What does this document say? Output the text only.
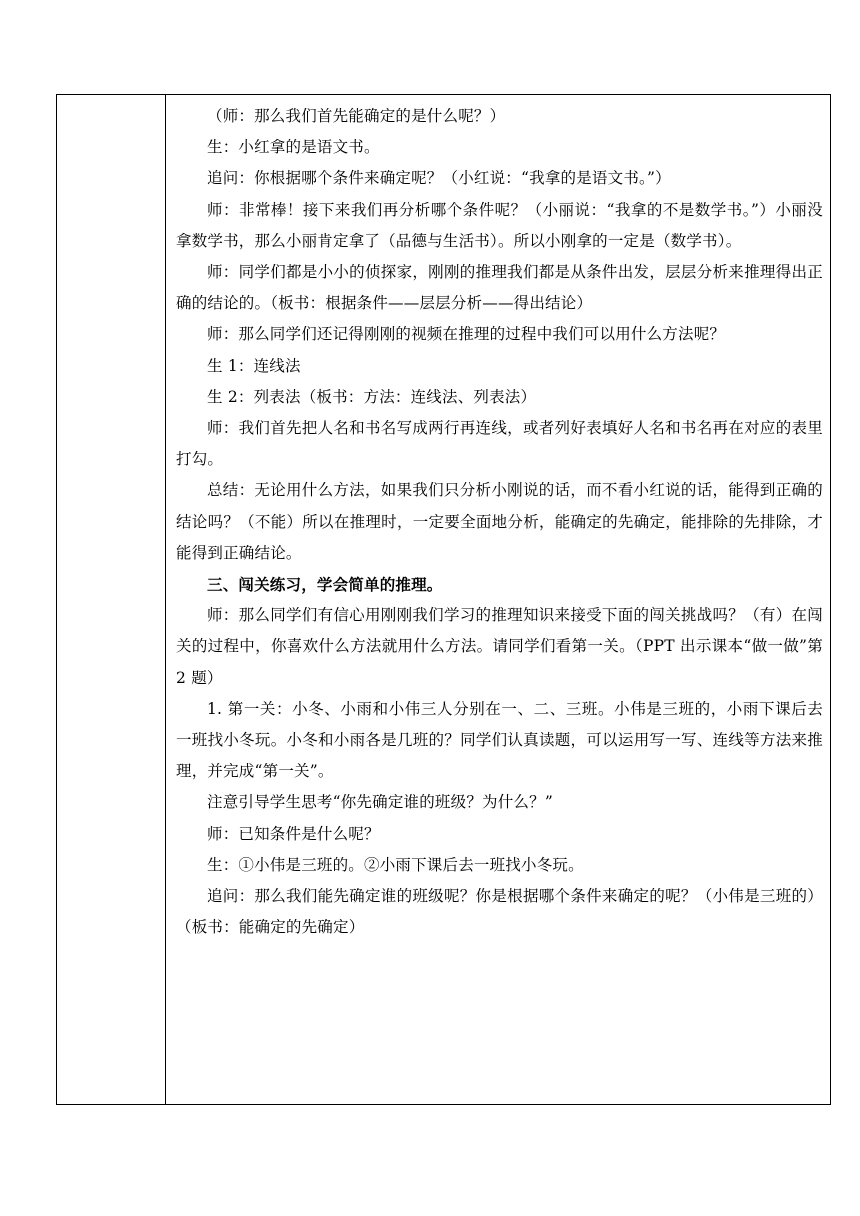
（师：那么我们首先能确定的是什么呢？）

生：小红拿的是语文书。

追问：你根据哪个条件来确定呢？（小红说：“我拿的是语文书。”）

师：非常棒！接下来我们再分析哪个条件呢？（小丽说：“我拿的不是数学书。”）小丽没拿数学书，那么小丽肯定拿了（品德与生活书）。所以小刚拿的一定是（数学书）。

师：同学们都是小小的侦探家，刚刚的推理我们都是从条件出发，层层分析来推理得出正确的结论的。（板书：根据条件——层层分析——得出结论）

师：那么同学们还记得刚刚的视频在推理的过程中我们可以用什么方法呢？

生 1：连线法

生 2：列表法（板书：方法：连线法、列表法）

师：我们首先把人名和书名写成两行再连线，或者列好表填好人名和书名再在对应的表里打勾。

总结：无论用什么方法，如果我们只分析小刚说的话，而不看小红说的话，能得到正确的结论吗？（不能）所以在推理时，一定要全面地分析，能确定的先确定，能排除的先排除，才能得到正确结论。

三、闯关练习，学会简单的推理。

师：那么同学们有信心用刚刚我们学习的推理知识来接受下面的闯关挑战吗？（有）在闯关的过程中，你喜欢什么方法就用什么方法。请同学们看第一关。（PPT 出示课本“做一做”第 2 题）

1. 第一关：小冬、小雨和小伟三人分别在一、二、三班。小伟是三班的，小雨下课后去一班找小冬玩。小冬和小雨各是几班的？同学们认真读题，可以运用写一写、连线等方法来推理，并完成“第一关”。

注意引导学生思考“你先确定谁的班级？为什么？”

师：已知条件是什么呢？

生：①小伟是三班的。②小雨下课后去一班找小冬玩。

追问：那么我们能先确定谁的班级呢？你是根据哪个条件来确定的呢？（小伟是三班的）（板书：能确定的先确定）
